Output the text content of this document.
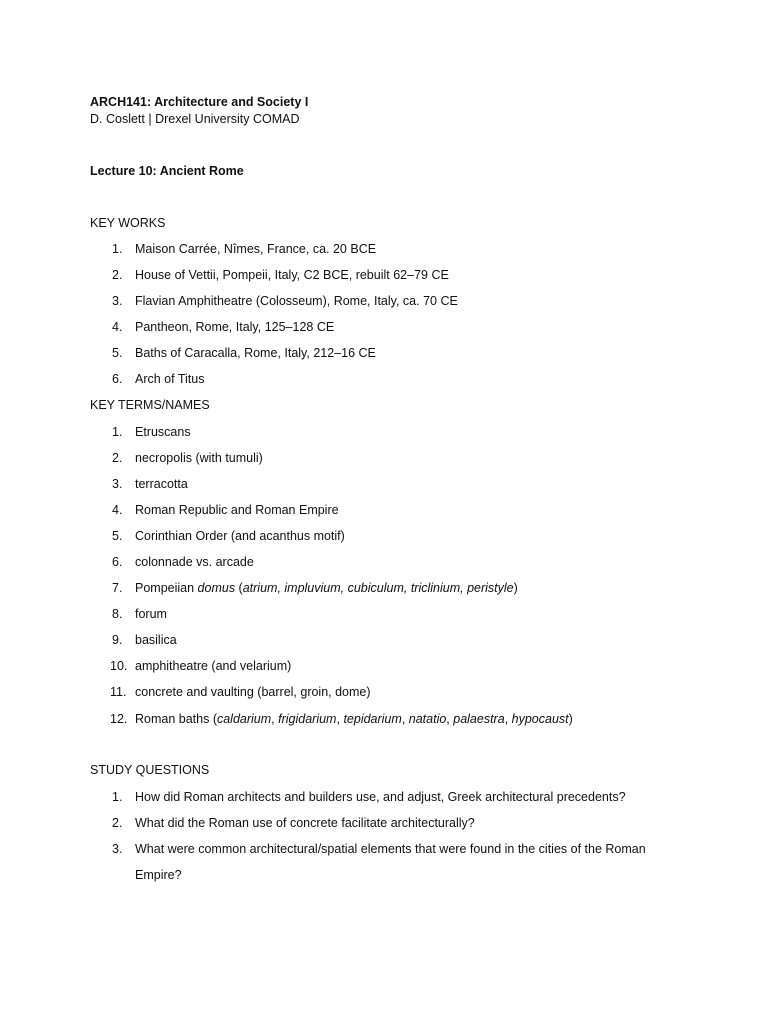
ARCH141: Architecture and Society I
D. Coslett | Drexel University COMAD
Lecture 10: Ancient Rome
KEY WORKS
1. Maison Carrée, Nîmes, France, ca. 20 BCE
2. House of Vettii, Pompeii, Italy, C2 BCE, rebuilt 62–79 CE
3. Flavian Amphitheatre (Colosseum), Rome, Italy, ca. 70 CE
4. Pantheon, Rome, Italy, 125–128 CE
5. Baths of Caracalla, Rome, Italy, 212–16 CE
6. Arch of Titus
KEY TERMS/NAMES
1. Etruscans
2. necropolis (with tumuli)
3. terracotta
4. Roman Republic and Roman Empire
5. Corinthian Order (and acanthus motif)
6. colonnade vs. arcade
7. Pompeiian domus (atrium, impluvium, cubiculum, triclinium, peristyle)
8. forum
9. basilica
10. amphitheatre (and velarium)
11. concrete and vaulting (barrel, groin, dome)
12. Roman baths (caldarium, frigidarium, tepidarium, natatio, palaestra, hypocaust)
STUDY QUESTIONS
1. How did Roman architects and builders use, and adjust, Greek architectural precedents?
2. What did the Roman use of concrete facilitate architecturally?
3. What were common architectural/spatial elements that were found in the cities of the Roman Empire?
